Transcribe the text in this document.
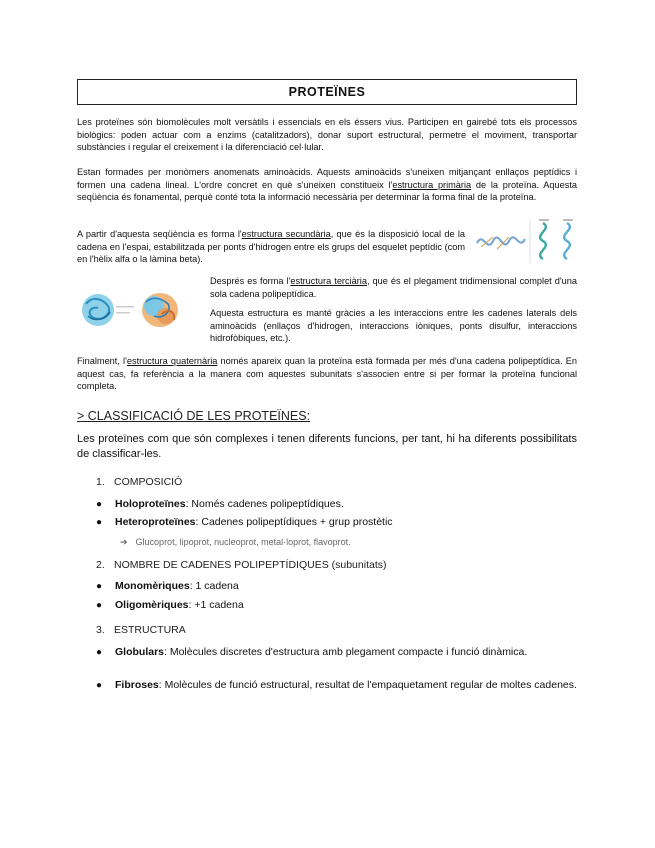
PROTEÏNES

Les proteïnes són biomolècules molt versàtils i essencials en els éssers vius. Participen en gairebé tots els processos biològics: poden actuar com a enzims (catalitzadors), donar suport estructural, permetre el moviment, transportar substàncies i regular el creixement i la diferenciació cel·lular.

Estan formades per monòmers anomenats aminoàcids. Aquests aminoàcids s'uneixen mitjançant enllaços peptídics i formen una cadena lineal. L'ordre concret en què s'uneixen constitueix l'estructura primària de la proteïna. Aquesta seqüència és fonamental, perquè conté tota la informació necessària per determinar la forma final de la proteïna.

A partir d'aquesta seqüència es forma l'estructura secundària, que és la disposició local de la cadena en l'espai, estabilitzada per ponts d'hidrogen entre els grups del esquelet peptídic (com en l'hèlix alfa o la làmina beta).

Després es forma l'estructura terciària, que és el plegament tridimensional complet d'una sola cadena polipeptídica.

Aquesta estructura es manté gràcies a les interaccions entre les cadenes laterals dels aminoàcids (enllaços d'hidrogen, interaccions iòniques, ponts disulfur, interaccions hidrofòbiques, etc.).

Finalment, l'estructura quaternària només apareix quan la proteïna està formada per més d'una cadena polipeptídica. En aquest cas, fa referència a la manera com aquestes subunitats s'associen entre si per formar la proteïna funcional completa.

> CLASSIFICACIÓ DE LES PROTEÏNES:

Les proteïnes com que són complexes i tenen diferents funcions, per tant, hi ha diferents possibilitats de classificar-les.

1. COMPOSICIÓ
● Holoproteïnes: Només cadenes polipeptídiques.
● Heteroproteïnes: Cadenes polipeptídiques + grup prostètic
➔ Glucoprot, lipoprot, nucleoprot, metal·loprot, flavoprot.
2. NOMBRE DE CADENES POLIPEPTÍDIQUES (subunitats)
● Monomèriques: 1 cadena
● Oligomèriques: +1 cadena
3. ESTRUCTURA
● Globulars: Molècules discretes d'estructura amb plegament compacte i funció dinàmica.
● Fibroses: Molècules de funció estructural, resultat de l'empaquetament regular de moltes cadenes.
